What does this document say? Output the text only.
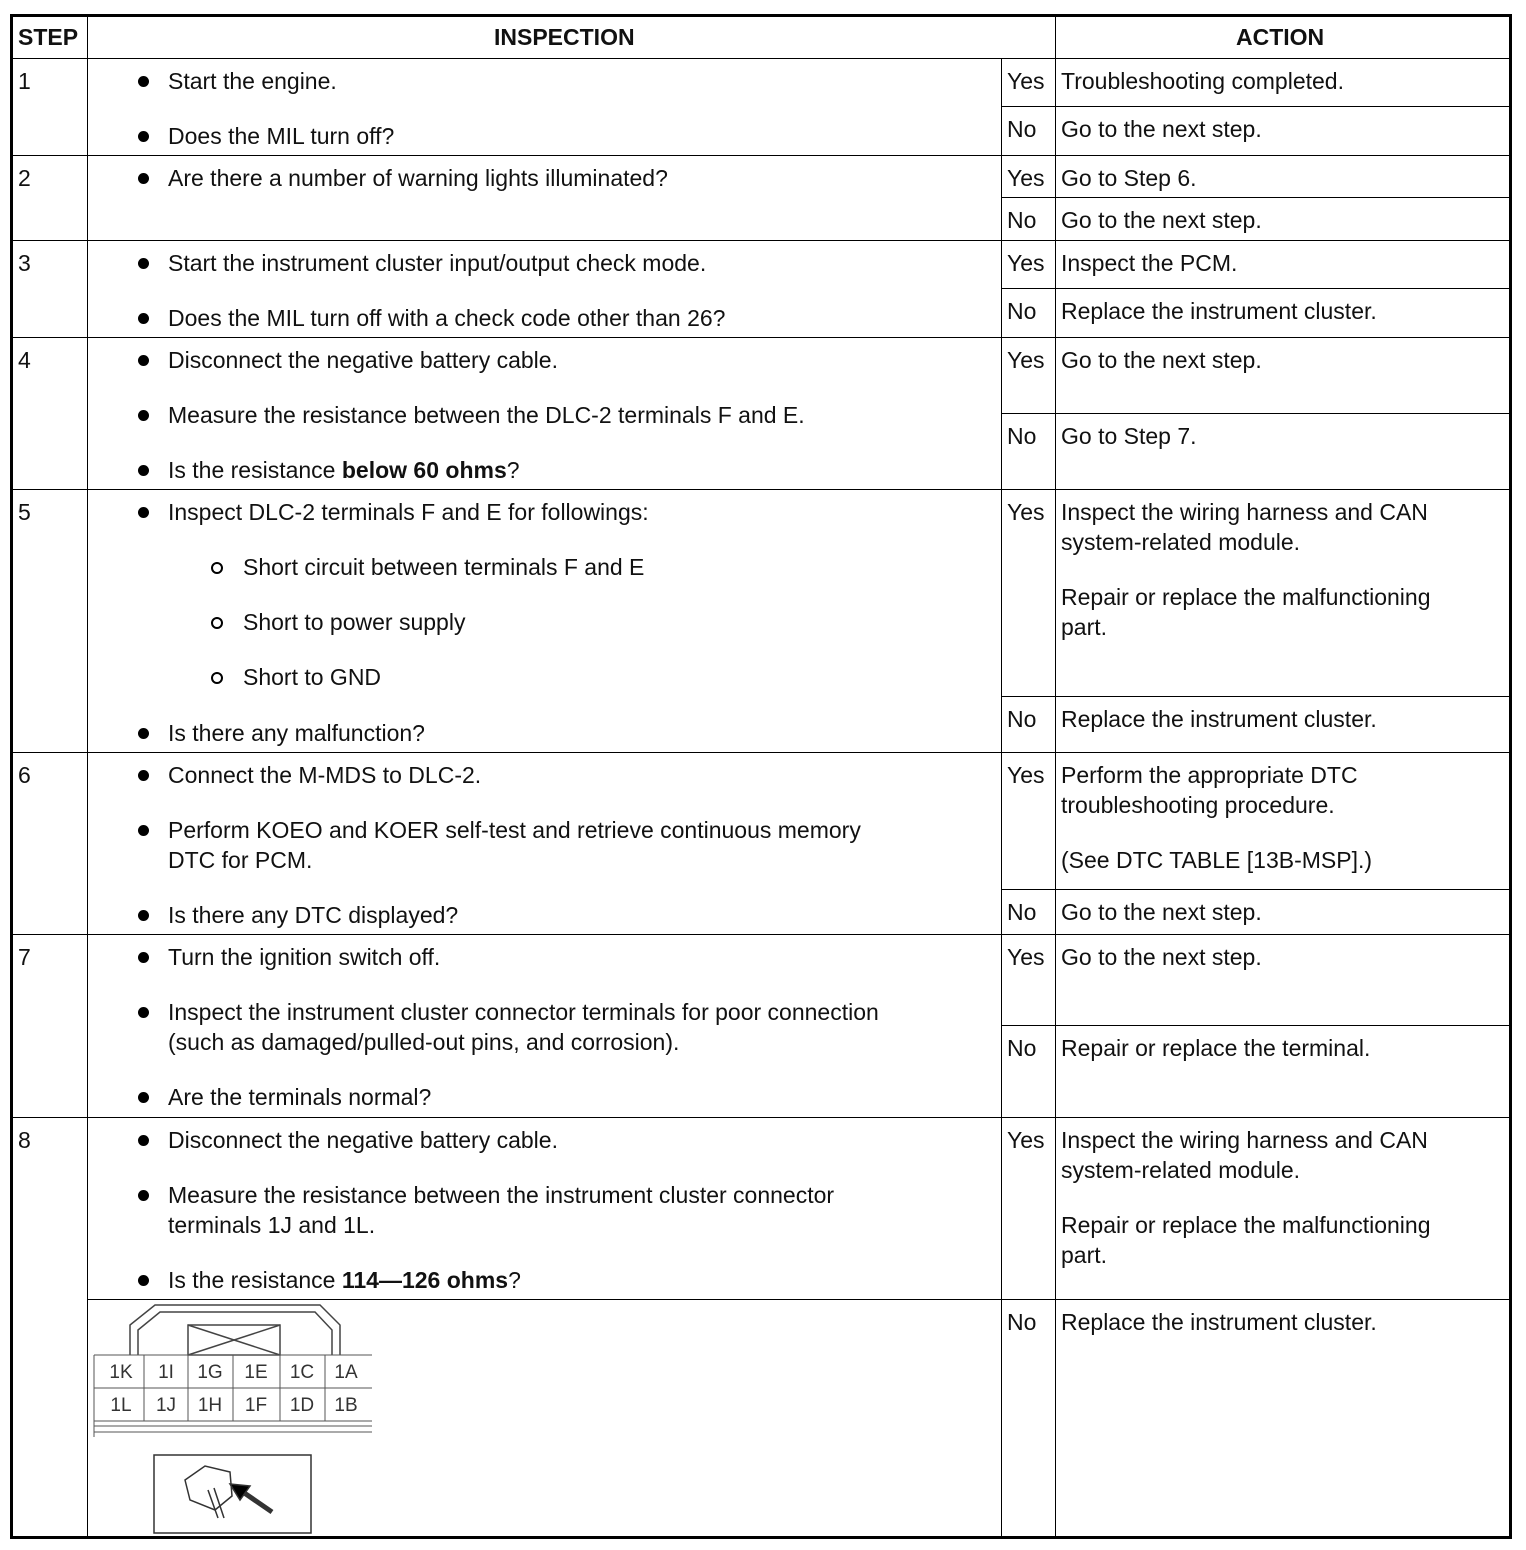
STEP	INSPECTION	ACTION
1	Start the engine.
Does the MIL turn off?
Yes Troubleshooting completed.
No Go to the next step.
2	Are there a number of warning lights illuminated?	Yes Go to Step 6.
No Go to the next step.
3	Start the instrument cluster input/output check mode.
Does the MIL turn off with a check code other than 26?
Yes Inspect the PCM.
No Replace the instrument cluster.
4	Disconnect the negative battery cable.
Measure the resistance between the DLC-2 terminals F and E.
Is the resistance below 60 ohms?
Yes Go to the next step.
No Go to Step 7.
5	Inspect DLC-2 terminals F and E for followings:
Short circuit between terminals F and E
Short to power supply
Short to GND
Is there any malfunction?
Yes Inspect the wiring harness and CAN
system-related module.
Repair or replace the malfunctioning
part.
No Replace the instrument cluster.
6	Connect the M-MDS to DLC-2.
Perform KOEO and KOER self-test and retrieve continuous memory
DTC for PCM.
Is there any DTC displayed?
Yes Perform the appropriate DTC
troubleshooting procedure.
(See DTC TABLE [13B-MSP].)
No Go to the next step.
7	Turn the ignition switch off.
Inspect the instrument cluster connector terminals for poor connection
(such as damaged/pulled-out pins, and corrosion).
Are the terminals normal?
Yes Go to the next step.
No Repair or replace the terminal.
8	Disconnect the negative battery cable.
Measure the resistance between the instrument cluster connector
terminals 1J and 1L.
Is the resistance 114—126 ohms?
Yes Inspect the wiring harness and CAN
system-related module.
Repair or replace the malfunctioning
part.
No Replace the instrument cluster.
1K 1I 1G 1E 1C 1A
1L 1J 1H 1F 1D 1B
